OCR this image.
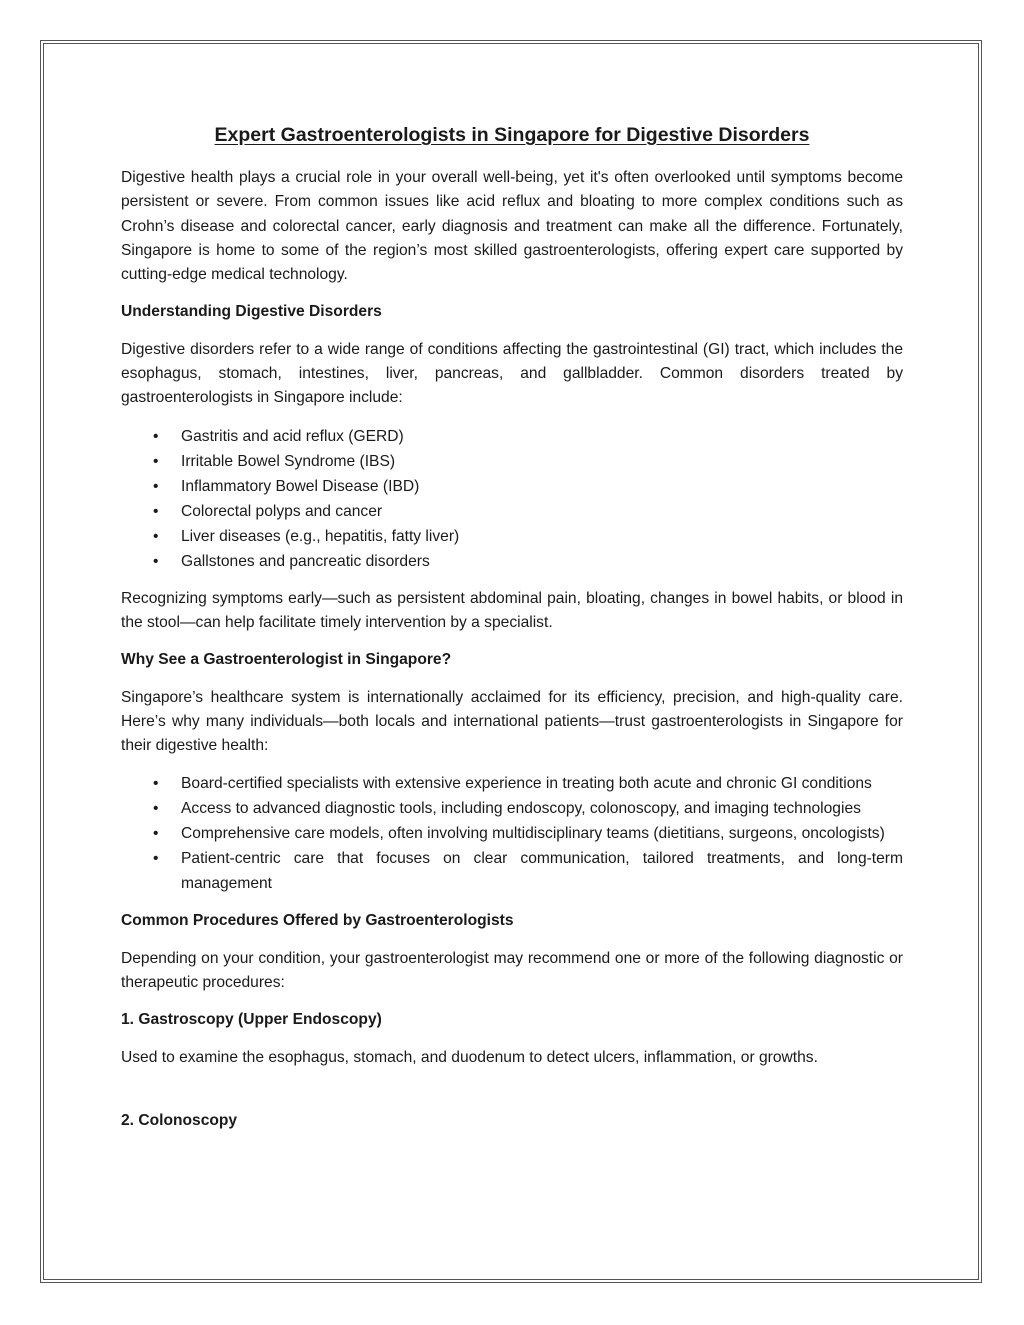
Expert Gastroenterologists in Singapore for Digestive Disorders

Digestive health plays a crucial role in your overall well-being, yet it's often overlooked until symptoms become persistent or severe. From common issues like acid reflux and bloating to more complex conditions such as Crohn’s disease and colorectal cancer, early diagnosis and treatment can make all the difference. Fortunately, Singapore is home to some of the region’s most skilled gastroenterologists, offering expert care supported by cutting-edge medical technology.

Understanding Digestive Disorders

Digestive disorders refer to a wide range of conditions affecting the gastrointestinal (GI) tract, which includes the esophagus, stomach, intestines, liver, pancreas, and gallbladder. Common disorders treated by gastroenterologists in Singapore include:

• Gastritis and acid reflux (GERD)
• Irritable Bowel Syndrome (IBS)
• Inflammatory Bowel Disease (IBD)
• Colorectal polyps and cancer
• Liver diseases (e.g., hepatitis, fatty liver)
• Gallstones and pancreatic disorders

Recognizing symptoms early—such as persistent abdominal pain, bloating, changes in bowel habits, or blood in the stool—can help facilitate timely intervention by a specialist.

Why See a Gastroenterologist in Singapore?

Singapore’s healthcare system is internationally acclaimed for its efficiency, precision, and high-quality care. Here’s why many individuals—both locals and international patients—trust gastroenterologists in Singapore for their digestive health:

• Board-certified specialists with extensive experience in treating both acute and chronic GI conditions
• Access to advanced diagnostic tools, including endoscopy, colonoscopy, and imaging technologies
• Comprehensive care models, often involving multidisciplinary teams (dietitians, surgeons, oncologists)
• Patient-centric care that focuses on clear communication, tailored treatments, and long-term management
Common Procedures Offered by Gastroenterologists

Depending on your condition, your gastroenterologist may recommend one or more of the following diagnostic or therapeutic procedures:

1. Gastroscopy (Upper Endoscopy)

Used to examine the esophagus, stomach, and duodenum to detect ulcers, inflammation, or growths.

2. Colonoscopy
